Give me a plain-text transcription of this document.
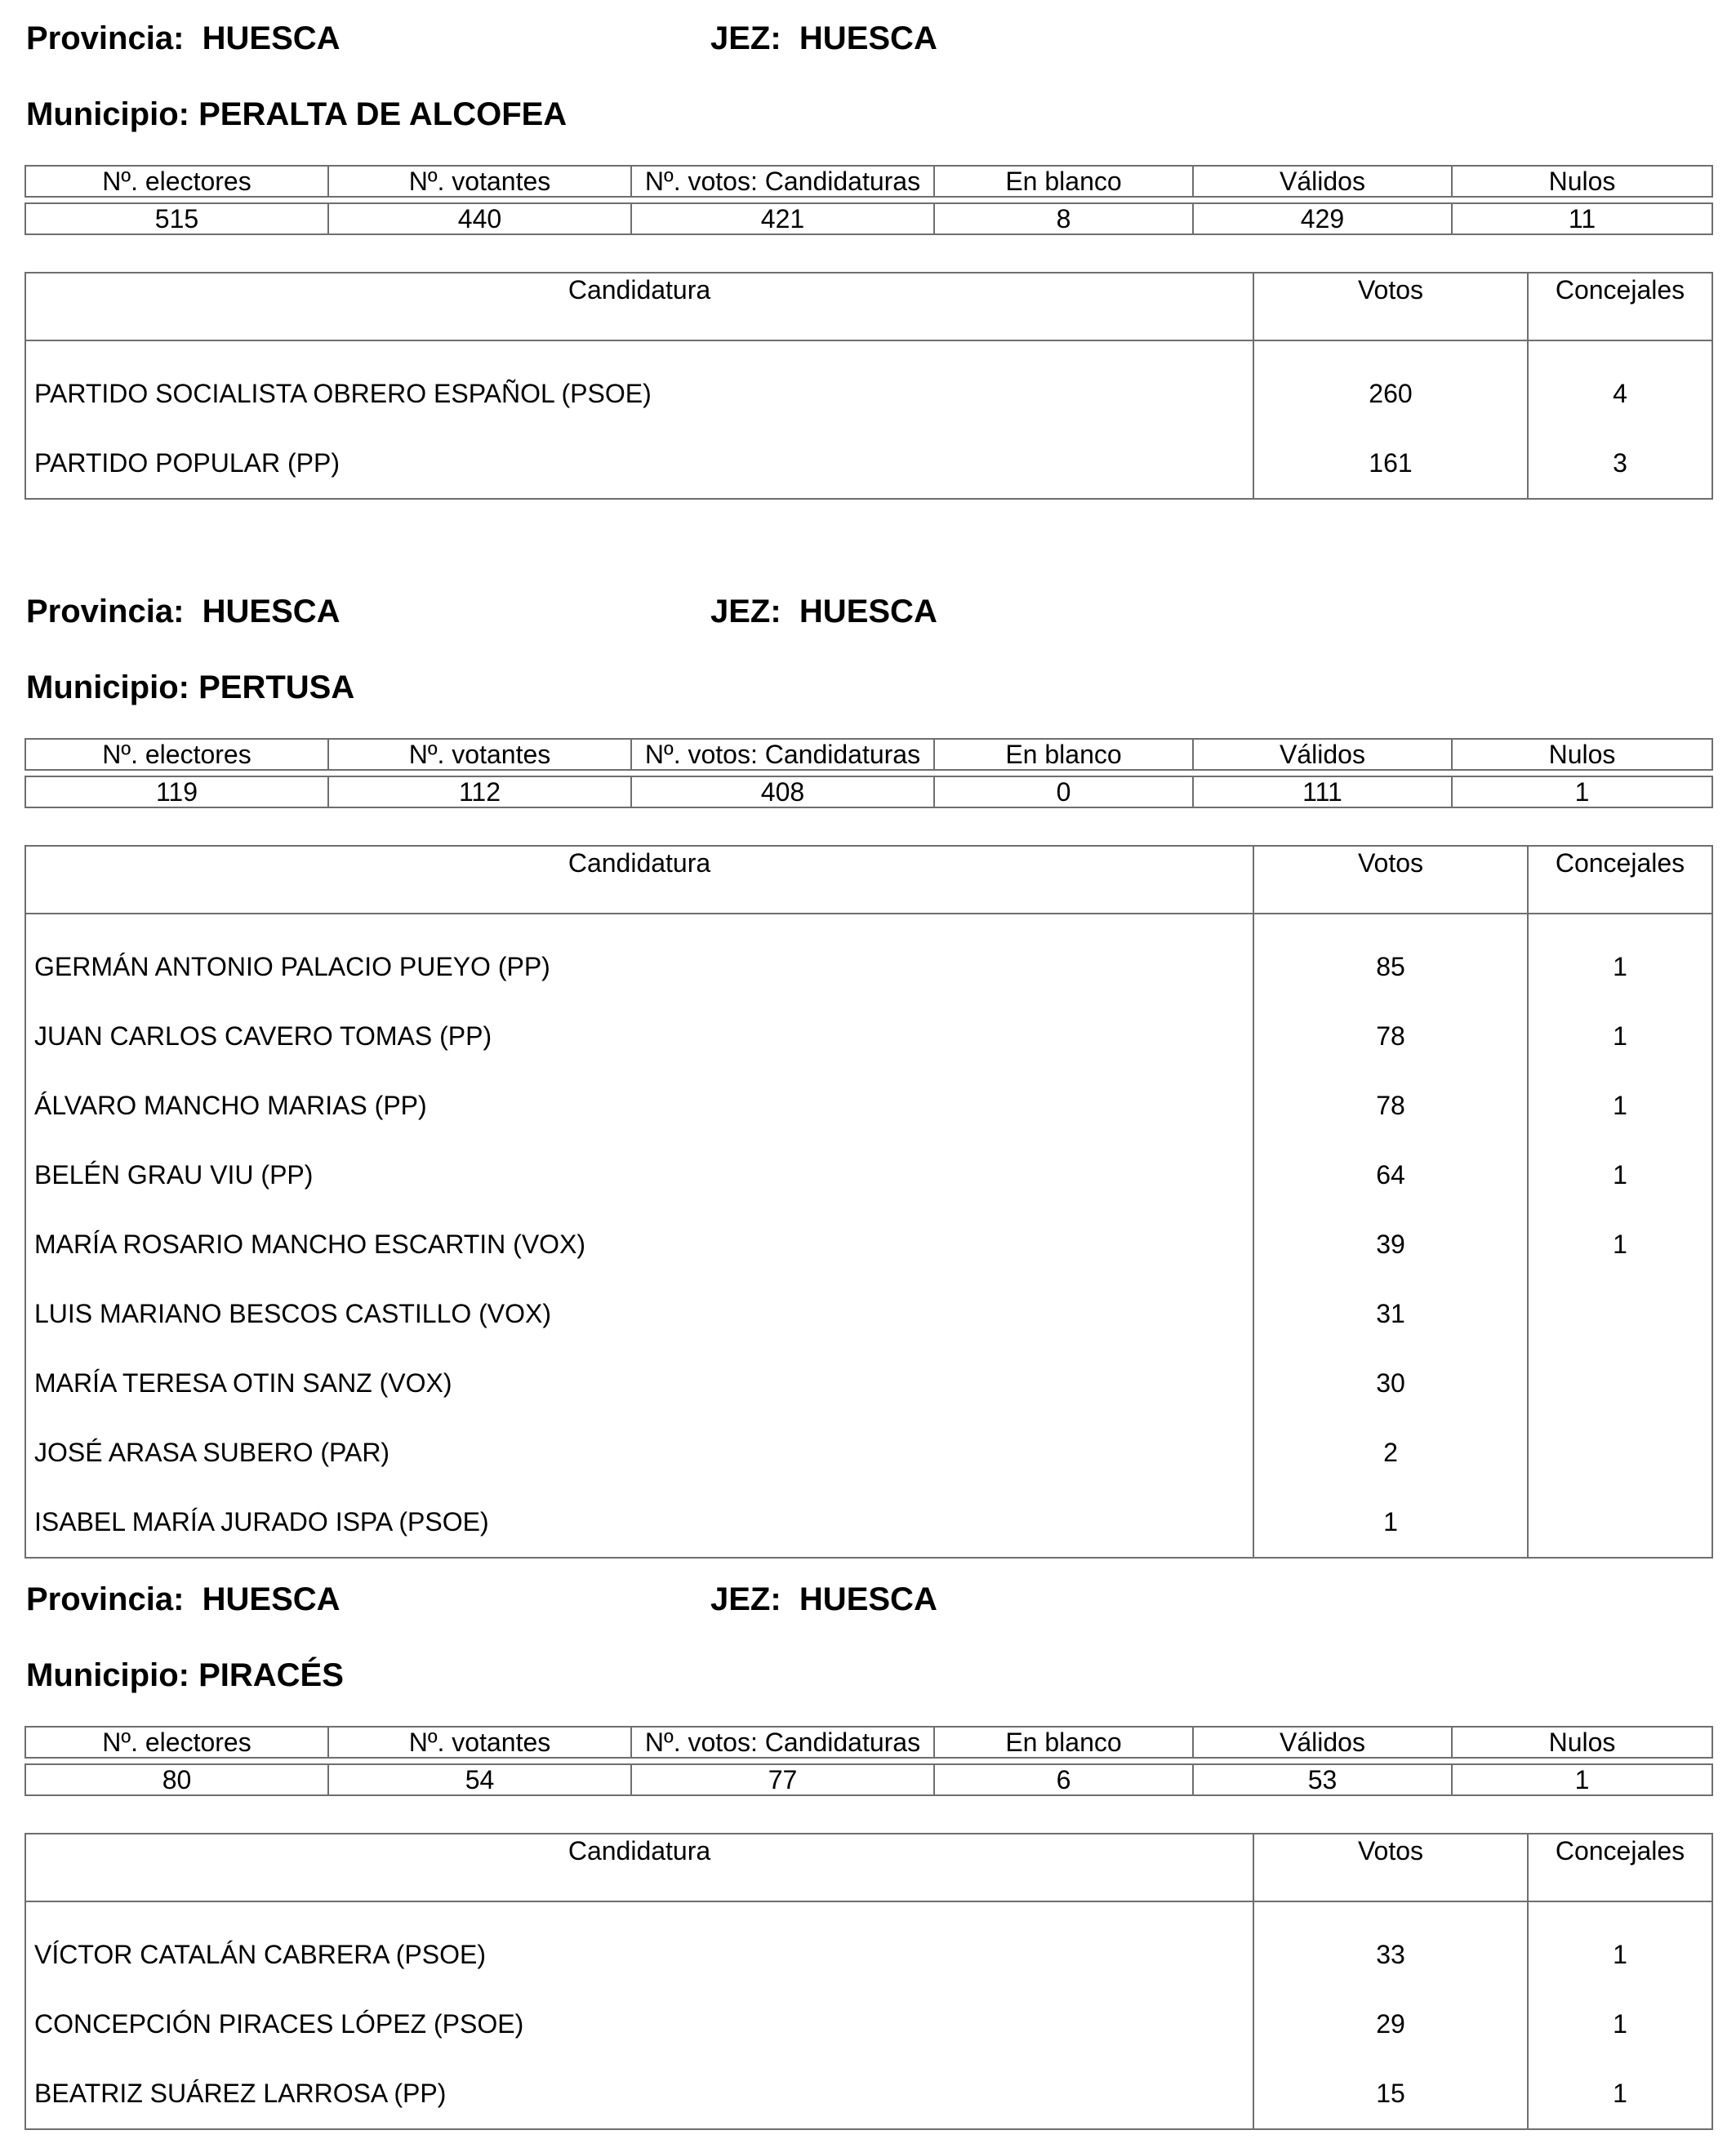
Provincia: HUESCA	JEZ: HUESCA
Municipio: PERALTA DE ALCOFEA
Nº. electores	Nº. votantes	Nº. votos: Candidaturas	En blanco	Válidos	Nulos

515	440	421	8	429	11
Candidatura	Votos	Concejales
PARTIDO SOCIALISTA OBRERO ESPAÑOL (PSOE)	260	4
PARTIDO POPULAR (PP)	161	3
Provincia: HUESCA	JEZ: HUESCA
Municipio: PERTUSA
Nº. electores	Nº. votantes	Nº. votos: Candidaturas	En blanco	Válidos	Nulos

119	112	408	0	111	1
Candidatura	Votos	Concejales
GERMÁN ANTONIO PALACIO PUEYO (PP)	85	1
JUAN CARLOS CAVERO TOMAS (PP)	78	1
ÁLVARO MANCHO MARIAS (PP)	78	1
BELÉN GRAU VIU (PP)	64	1
MARÍA ROSARIO MANCHO ESCARTIN (VOX)	39	1
LUIS MARIANO BESCOS CASTILLO (VOX)	31	
MARÍA TERESA OTIN SANZ (VOX)	30	
JOSÉ ARASA SUBERO (PAR)	2	
ISABEL MARÍA JURADO ISPA (PSOE)	1	
Provincia: HUESCA	JEZ: HUESCA
Municipio: PIRACÉS
Nº. electores	Nº. votantes	Nº. votos: Candidaturas	En blanco	Válidos	Nulos

80	54	77	6	53	1
Candidatura	Votos	Concejales
VÍCTOR CATALÁN CABRERA (PSOE)	33	1
CONCEPCIÓN PIRACES LÓPEZ (PSOE)	29	1
BEATRIZ SUÁREZ LARROSA (PP)	15	1
